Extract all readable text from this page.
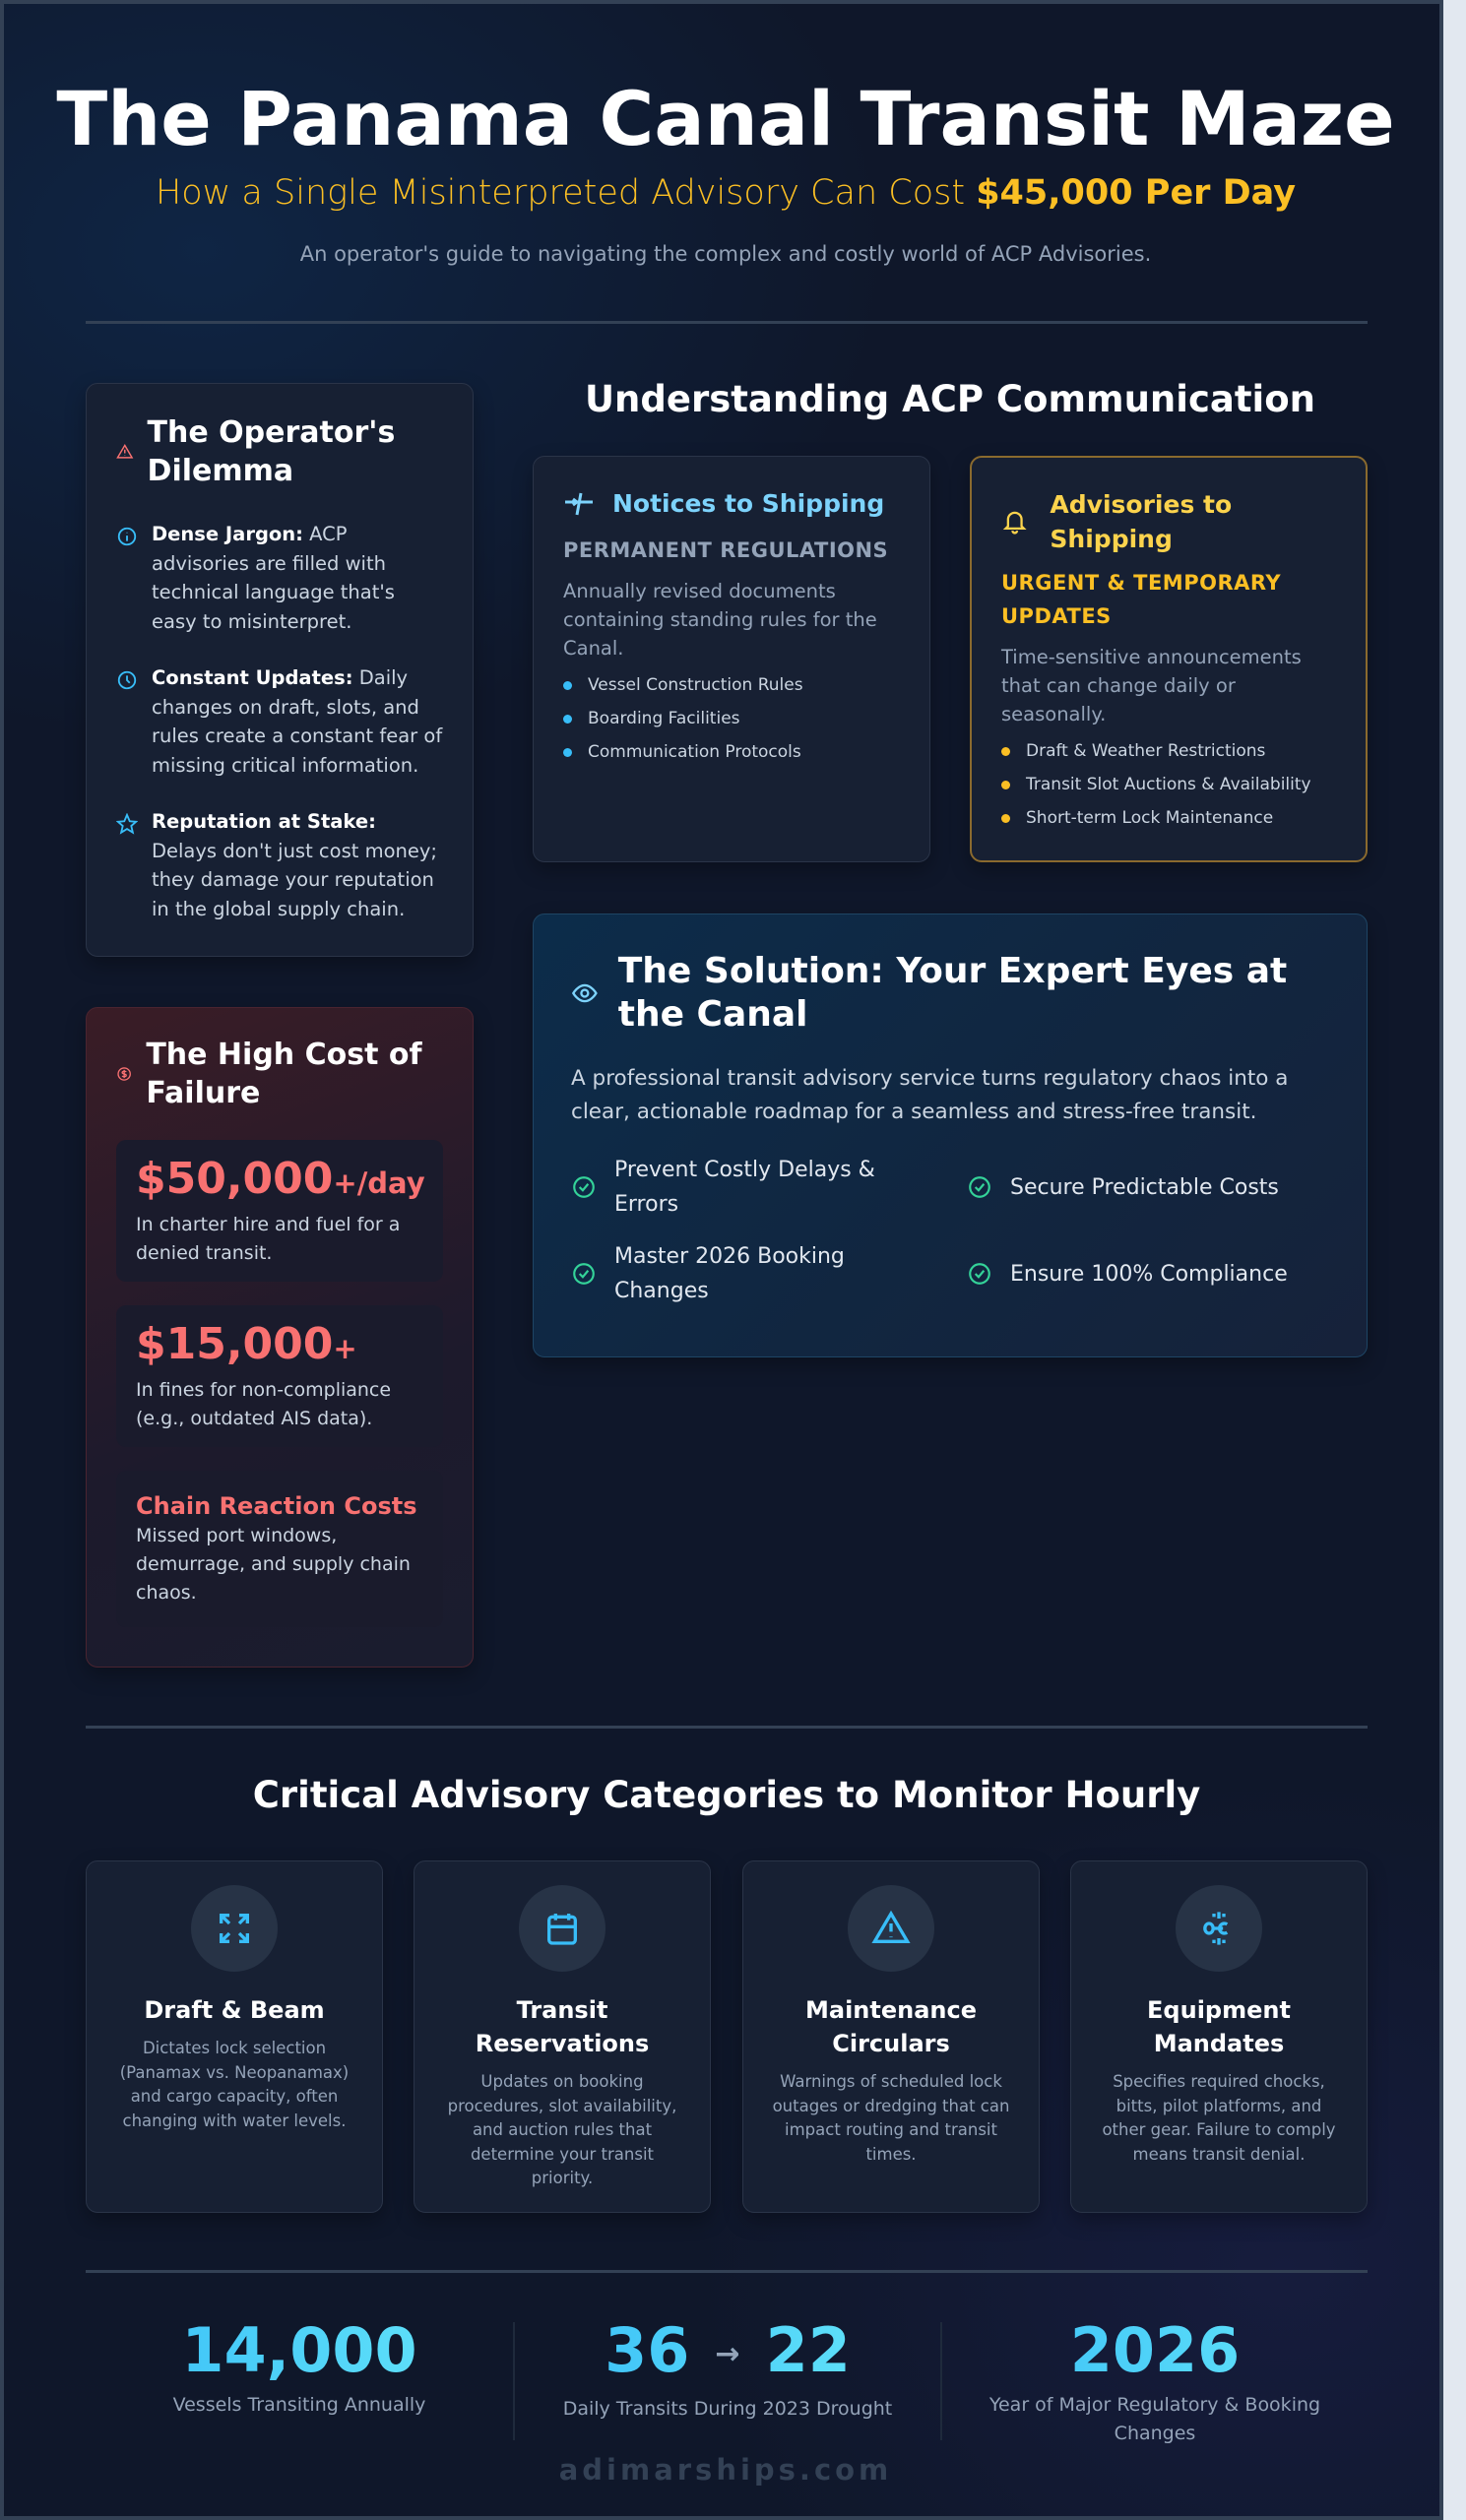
The Panama Canal Transit Maze
How a Single Misinterpreted Advisory Can Cost $45,000 Per Day

An operator's guide to navigating the complex and costly world of ACP Advisories.

The Operator's Dilemma

Dense Jargon: ACP advisories are filled with technical language that's easy to misinterpret.

Constant Updates: Daily changes on draft, slots, and rules create a constant fear of missing critical information.

Reputation at Stake: Delays don't just cost money; they damage your reputation in the global supply chain.

The High Cost of Failure
$50,000+/day

In charter hire and fuel for a denied transit.

$15,000+

In fines for non-compliance (e.g., outdated AIS data).

Chain Reaction Costs

Missed port windows, demurrage, and supply chain chaos.

Understanding ACP Communication
Notices to Shipping
PERMANENT REGULATIONS

Annually revised documents containing standing rules for the Canal.

Vessel Construction Rules
Boarding Facilities
Communication Protocols
Advisories to Shipping
URGENT & TEMPORARY UPDATES

Time-sensitive announcements that can change daily or seasonally.

Draft & Weather Restrictions
Transit Slot Auctions & Availability
Short-term Lock Maintenance
The Solution: Your Expert Eyes at the Canal

A professional transit advisory service turns regulatory chaos into a clear, actionable roadmap for a seamless and stress-free transit.

Prevent Costly Delays & Errors
Secure Predictable Costs
Master 2026 Booking Changes
Ensure 100% Compliance
Critical Advisory Categories to Monitor Hourly
Draft & Beam

Dictates lock selection (Panamax vs. Neopanamax) and cargo capacity, often changing with water levels.

Transit Reservations

Updates on booking procedures, slot availability, and auction rules that determine your transit priority.

Maintenance Circulars

Warnings of scheduled lock outages or dredging that can impact routing and transit times.

Equipment Mandates

Specifies required chocks, bitts, pilot platforms, and other gear. Failure to comply means transit denial.

14,000
Vessels Transiting Annually
36 → 22
Daily Transits During 2023 Drought
2026
Year of Major Regulatory & Booking Changes
adimarships.com
